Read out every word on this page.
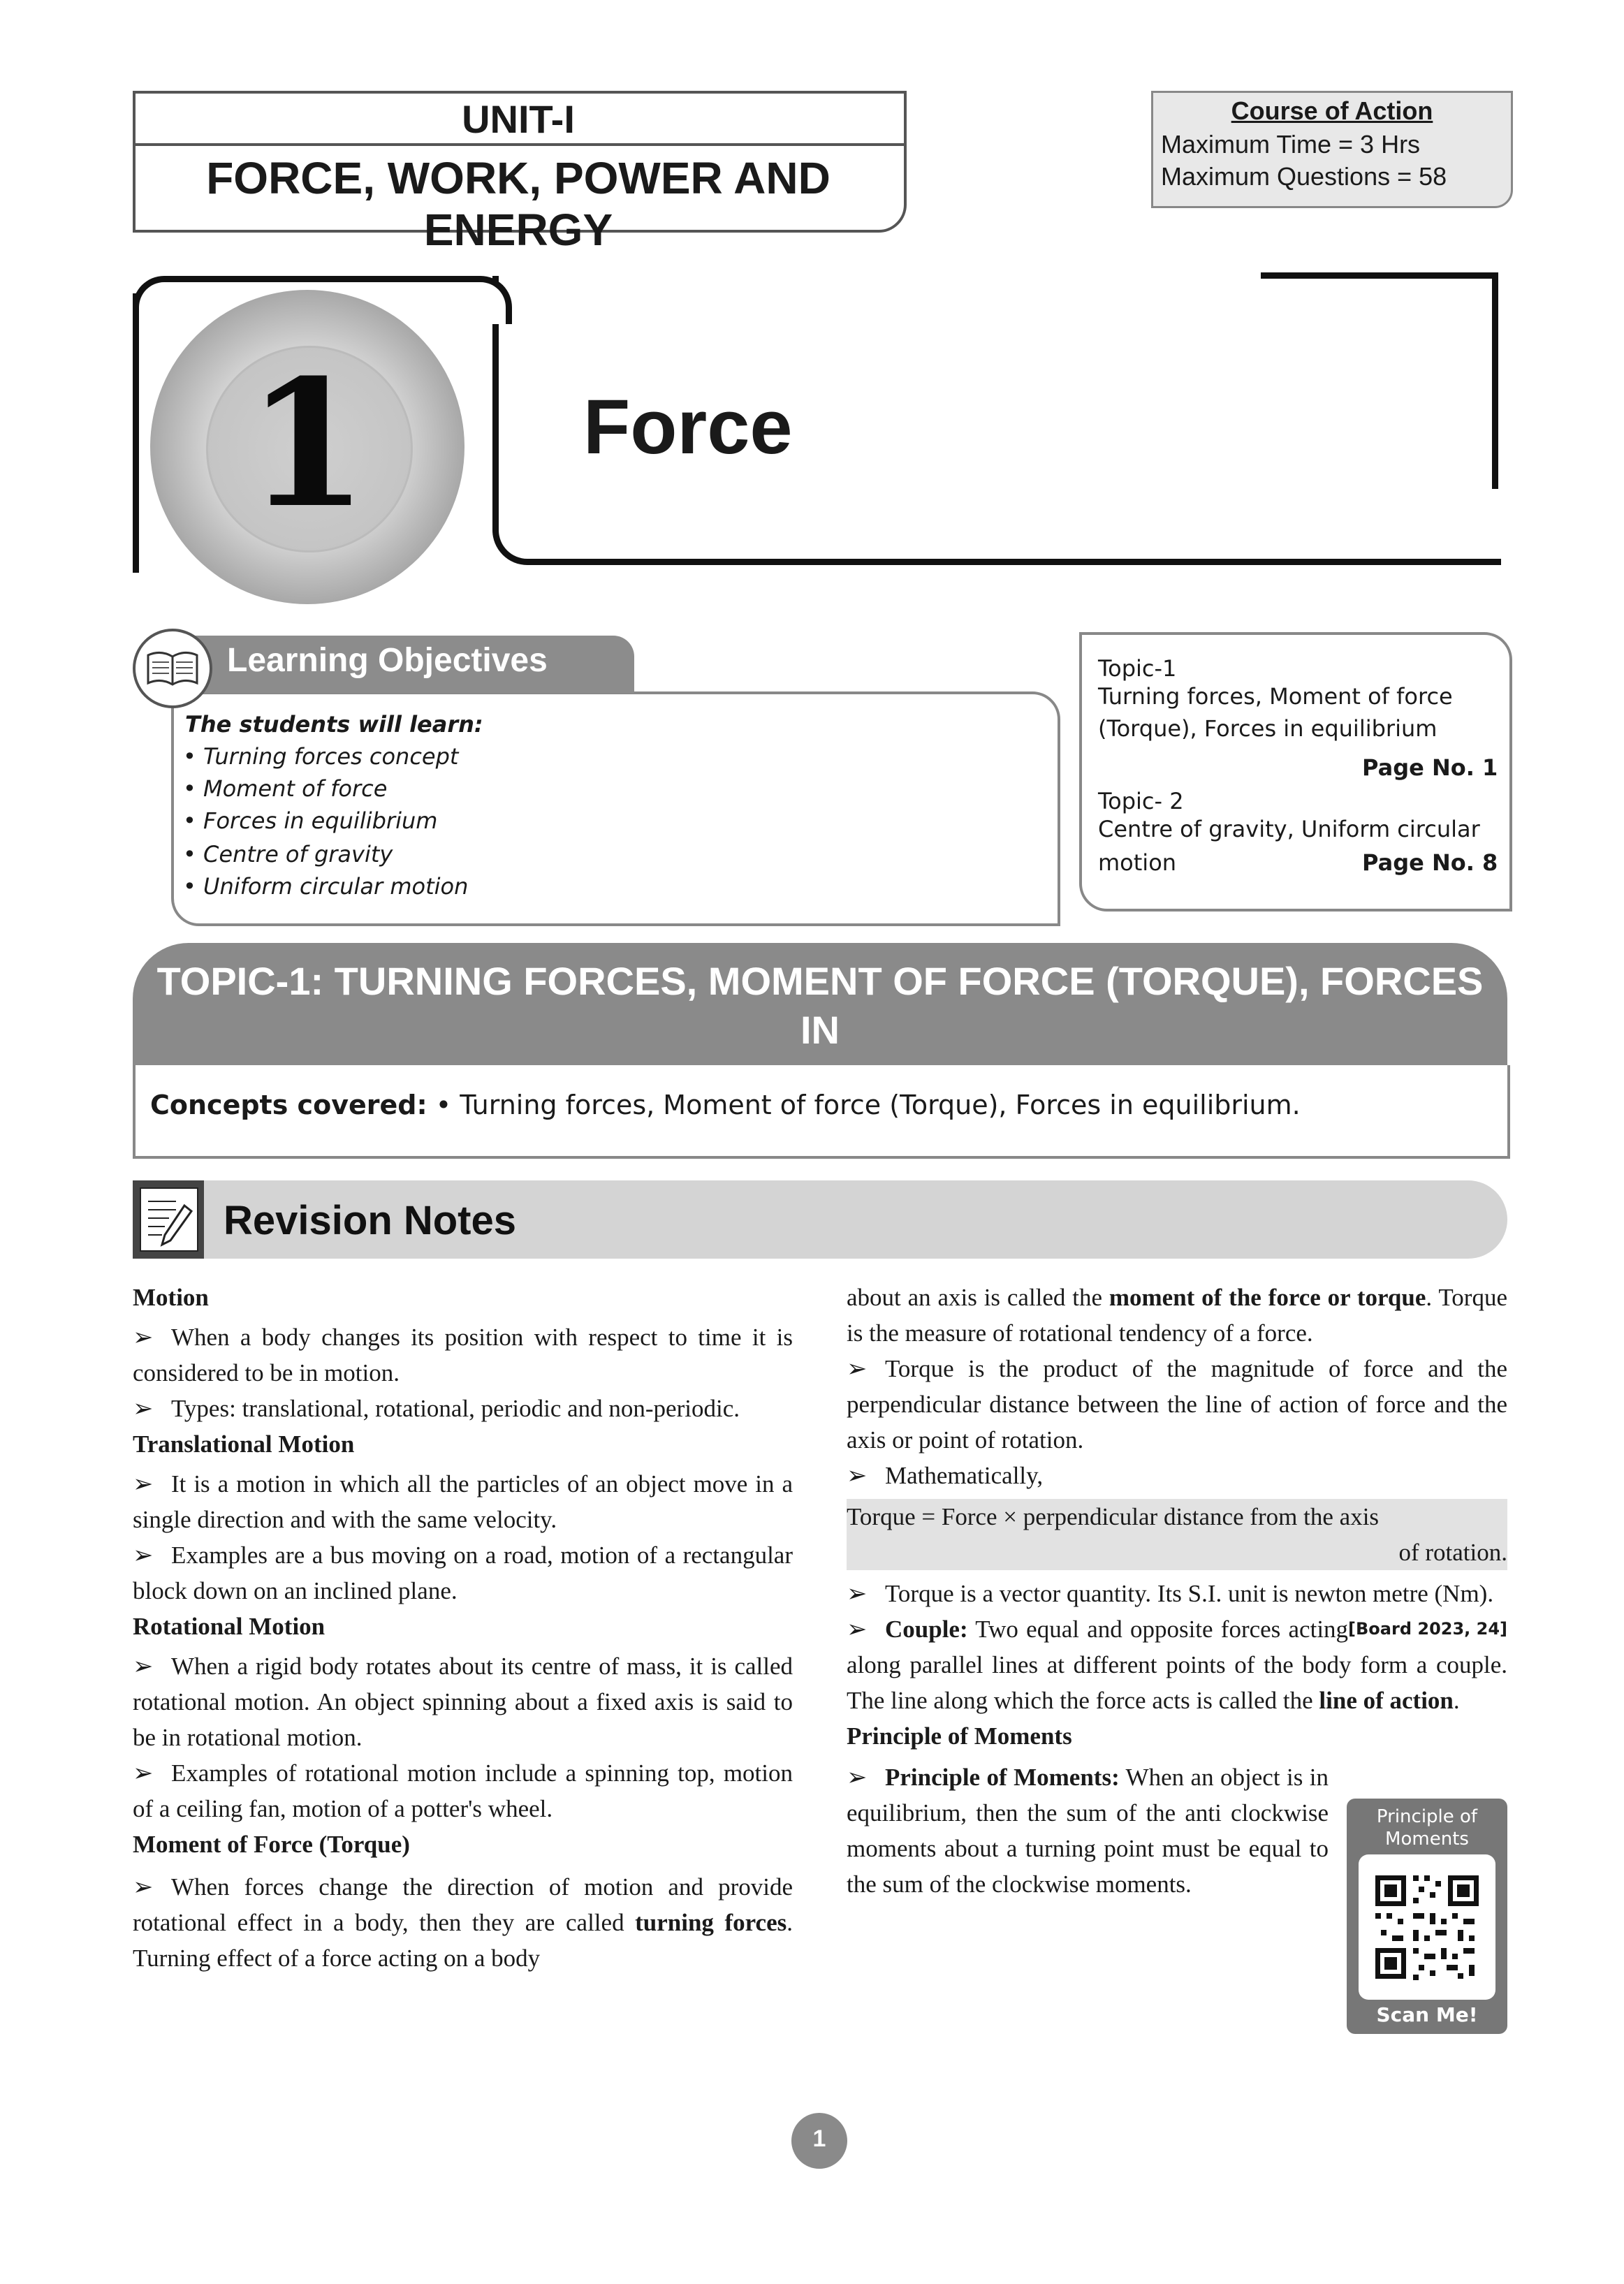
UNIT-I
FORCE, WORK, POWER AND ENERGY
Course of Action
Maximum Time = 3 Hrs
Maximum Questions = 58
1	Force
Learning Objectives
The students will learn:
• Turning forces concept
• Moment of force
• Forces in equilibrium
• Centre of gravity
• Uniform circular motion
Topic-1
Turning forces, Moment of force
(Torque), Forces in equilibrium
Page No. 1
Topic- 2
Centre of gravity, Uniform circular
motion	Page No. 8
TOPIC-1: TURNING FORCES, MOMENT OF FORCE (TORQUE), FORCES IN
EQUILIBRIUM
Concepts covered: • Turning forces, Moment of force (Torque), Forces in equilibrium.
Revision Notes
Motion
➢ When a body changes its position with respect to time it is considered to be in motion.
➢ Types: translational, rotational, periodic and non-periodic.
Translational Motion
➢ It is a motion in which all the particles of an object move in a single direction and with the same velocity.
➢ Examples are a bus moving on a road, motion of a rectangular block down on an inclined plane.
Rotational Motion
➢ When a rigid body rotates about its centre of mass, it is called rotational motion. An object spinning about a fixed axis is said to be in rotational motion.
➢ Examples of rotational motion include a spinning top, motion of a ceiling fan, motion of a potter's wheel.
Moment of Force (Torque)
➢ When forces change the direction of motion and provide rotational effect in a body, then they are called turning forces. Turning effect of a force acting on a body
about an axis is called the moment of the force or torque. Torque is the measure of rotational tendency of a force.
➢ Torque is the product of the magnitude of force and the perpendicular distance between the line of action of force and the axis or point of rotation.
➢ Mathematically,
Torque = Force × perpendicular distance from the axis
of rotation.
➢ Torque is a vector quantity. Its S.I. unit is newton metre (Nm).
[Board 2023, 24]
➢ Couple: Two equal and opposite forces acting along parallel lines at different points of the body form a couple. The line along which the force acts is called the line of action.
Principle of Moments
➢ Principle of Moments: When an object is in equilibrium, then the sum of the anti clockwise moments about a turning point must be equal to the sum of the clockwise moments.
Principle of Moments
Scan Me!
1
